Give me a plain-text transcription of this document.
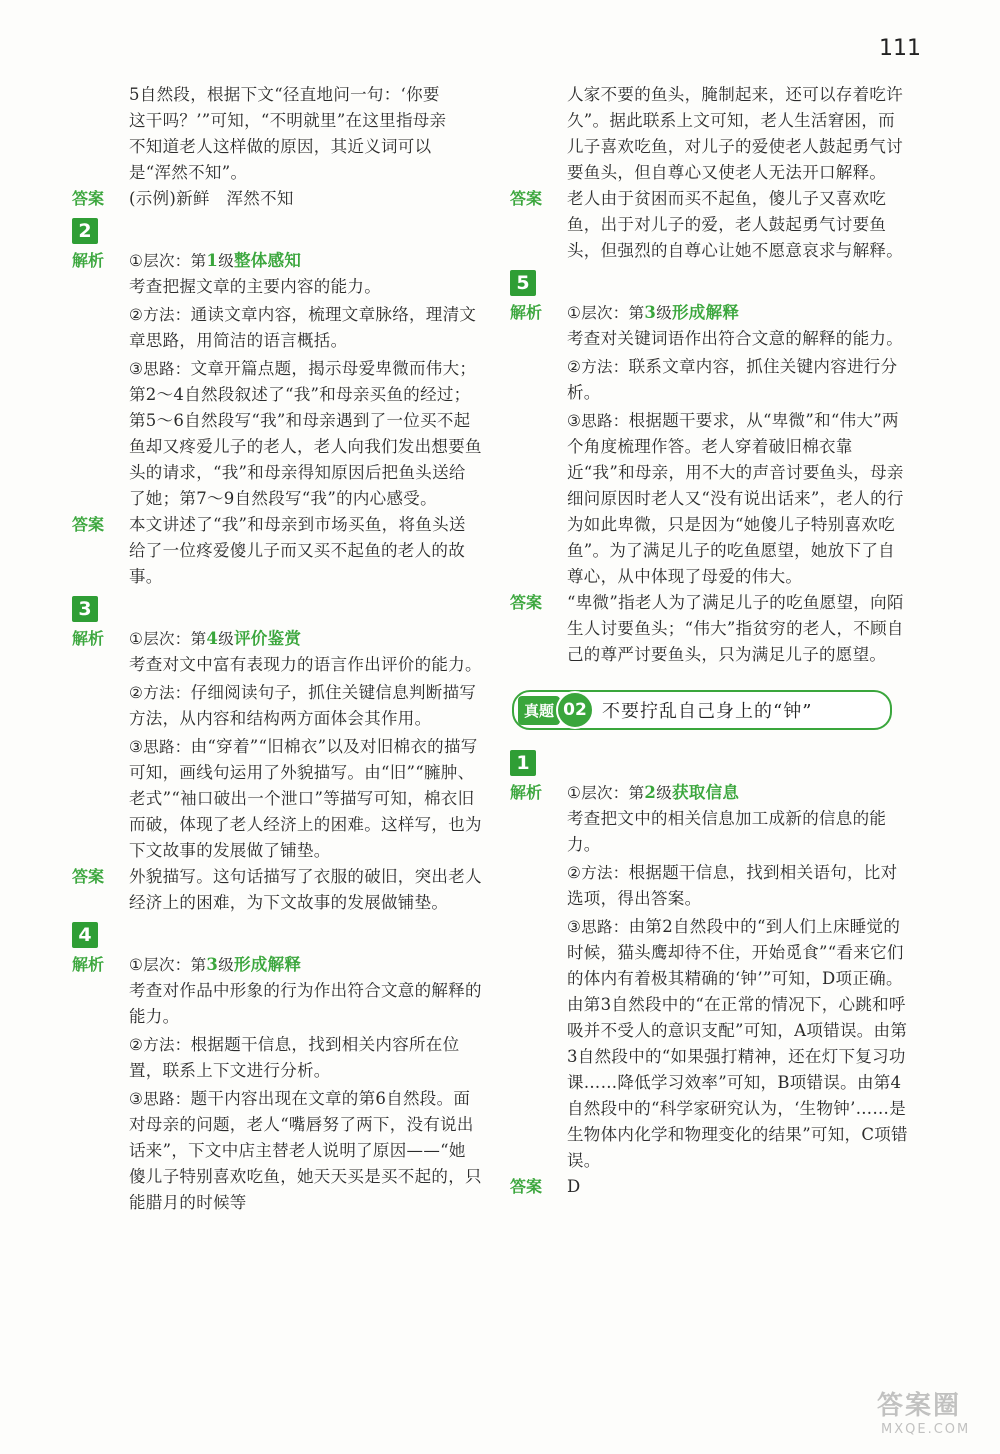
111

5自然段，根据下文“径直地问一句：‘你要

这干吗？’”可知，“不明就里”在这里指母亲

不知道老人这样做的原因，其近义词可以

是“浑然不知”。

答案	(示例)新鲜　浑然不知

2
解析	①层次：第1级整体感知

考查把握文章的主要内容的能力。

②方法：通读文章内容，梳理文章脉络，理清文章思路，用简洁的语言概括。

③思路：文章开篇点题，揭示母爱卑微而伟大；第2～4自然段叙述了“我”和母亲买鱼的经过；第5～6自然段写“我”和母亲遇到了一位买不起鱼却又疼爱儿子的老人，老人向我们发出想要鱼头的请求，“我”和母亲得知原因后把鱼头送给了她；第7～9自然段写“我”的内心感受。

答案	本文讲述了“我”和母亲到市场买鱼，将鱼头送给了一位疼爱傻儿子而又买不起鱼的老人的故事。

3
解析	①层次：第4级评价鉴赏

考查对文中富有表现力的语言作出评价的能力。

②方法：仔细阅读句子，抓住关键信息判断描写方法，从内容和结构两方面体会其作用。

③思路：由“穿着”“旧棉衣”以及对旧棉衣的描写可知，画线句运用了外貌描写。由“旧”“臃肿、老式”“袖口破出一个泄口”等描写可知，棉衣旧而破，体现了老人经济上的困难。这样写，也为下文故事的发展做了铺垫。

答案	外貌描写。这句话描写了衣服的破旧，突出老人经济上的困难，为下文故事的发展做铺垫。

4
解析	①层次：第3级形成解释

考查对作品中形象的行为作出符合文意的解释的能力。

②方法：根据题干信息，找到相关内容所在位置，联系上下文进行分析。

③思路：题干内容出现在文章的第6自然段。面对母亲的问题，老人“嘴唇努了两下，没有说出话来”，下文中店主替老人说明了原因——“她傻儿子特别喜欢吃鱼，她天天买是买不起的，只能腊月的时候等

人家不要的鱼头，腌制起来，还可以存着吃许久”。据此联系上文可知，老人生活窘困，而儿子喜欢吃鱼，对儿子的爱使老人鼓起勇气讨要鱼头，但自尊心又使老人无法开口解释。

答案	老人由于贫困而买不起鱼，傻儿子又喜欢吃鱼，出于对儿子的爱，老人鼓起勇气讨要鱼头，但强烈的自尊心让她不愿意哀求与解释。

5
解析	①层次：第3级形成解释

考查对关键词语作出符合文意的解释的能力。

②方法：联系文章内容，抓住关键内容进行分析。

③思路：根据题干要求，从“卑微”和“伟大”两个角度梳理作答。老人穿着破旧棉衣靠近“我”和母亲，用不大的声音讨要鱼头，母亲细问原因时老人又“没有说出话来”，老人的行为如此卑微，只是因为“她傻儿子特别喜欢吃鱼”。为了满足儿子的吃鱼愿望，她放下了自尊心，从中体现了母爱的伟大。

答案	“卑微”指老人为了满足儿子的吃鱼愿望，向陌生人讨要鱼头；“伟大”指贫穷的老人，不顾自己的尊严讨要鱼头，只为满足儿子的愿望。

真题 02 不要拧乱自己身上的“钟”
1
解析	①层次：第2级获取信息

考查把文中的相关信息加工成新的信息的能力。

②方法：根据题干信息，找到相关语句，比对选项，得出答案。

③思路：由第2自然段中的“到人们上床睡觉的时候，猫头鹰却待不住，开始觅食”“看来它们的体内有着极其精确的‘钟’”可知，D项正确。由第3自然段中的“在正常的情况下，心跳和呼吸并不受人的意识支配”可知，A项错误。由第3自然段中的“如果强打精神，还在灯下复习功课……降低学习效率”可知，B项错误。由第4自然段中的“科学家研究认为，‘生物钟’……是生物体内化学和物理变化的结果”可知，C项错误。

答案	D

答案圈
MXQE.COM
